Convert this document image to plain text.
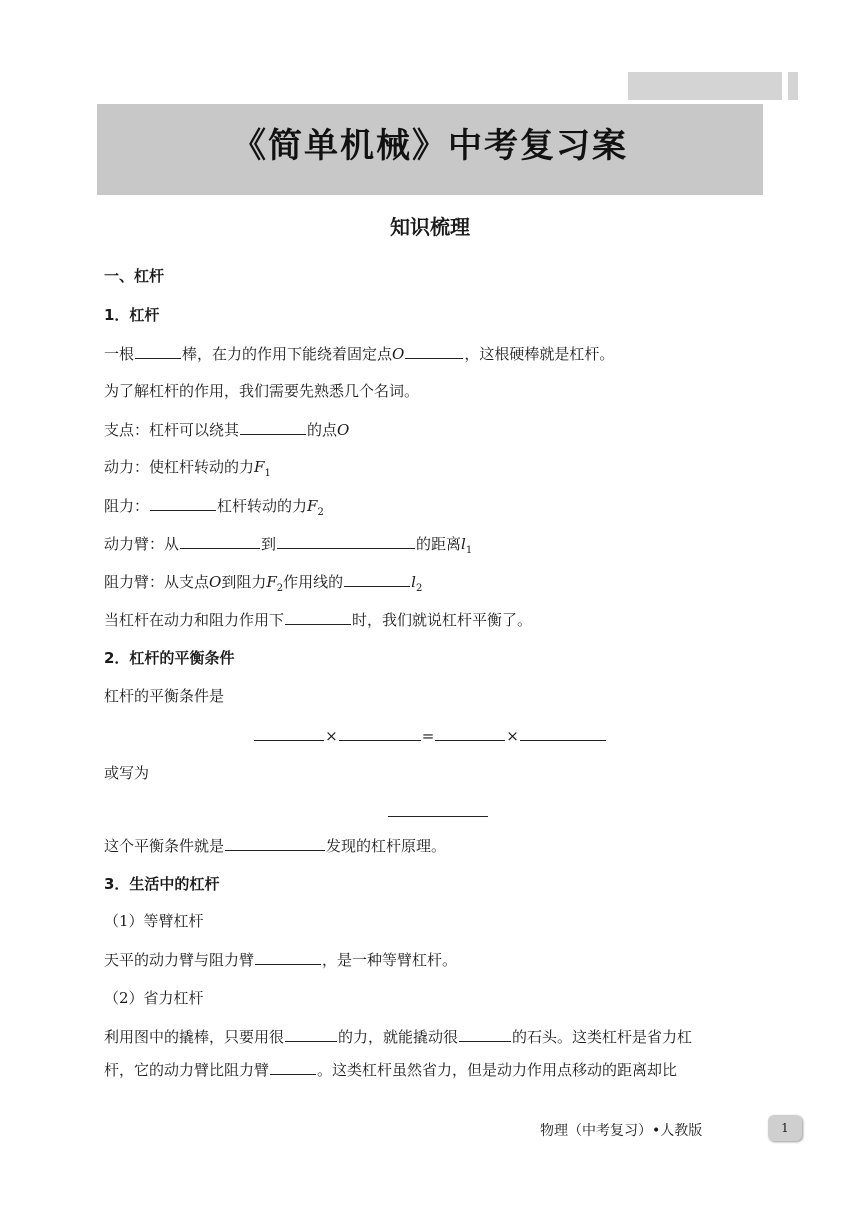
《简单机械》中考复习案
知识梳理
一、杠杆
1．杠杆
一根	棒，在力的作用下能绕着固定点O	，这根硬棒就是杠杆。
为了解杠杆的作用，我们需要先熟悉几个名词。
支点：杠杆可以绕其	的点O
动力：使杠杆转动的力$F_1$
阻力：	杠杆转动的力$F_2$
动力臂：从	到	的距离$l_1$
阻力臂：从支点O到阻力$F_2$作用线的	$l_2$
当杠杆在动力和阻力作用下	时，我们就说杠杆平衡了。
2．杠杆的平衡条件
杠杆的平衡条件是
×	=	×
或写为
这个平衡条件就是	发现的杠杆原理。
3．生活中的杠杆
（1）等臂杠杆
天平的动力臂与阻力臂	，是一种等臂杠杆。
（2）省力杠杆
利用图中的撬棒，只要用很	的力，就能撬动很	的石头。这类杠杆是省力杠
杆，它的动力臂比阻力臂	。这类杠杆虽然省力，但是动力作用点移动的距离却比
物理（中考复习）•人教版	1
